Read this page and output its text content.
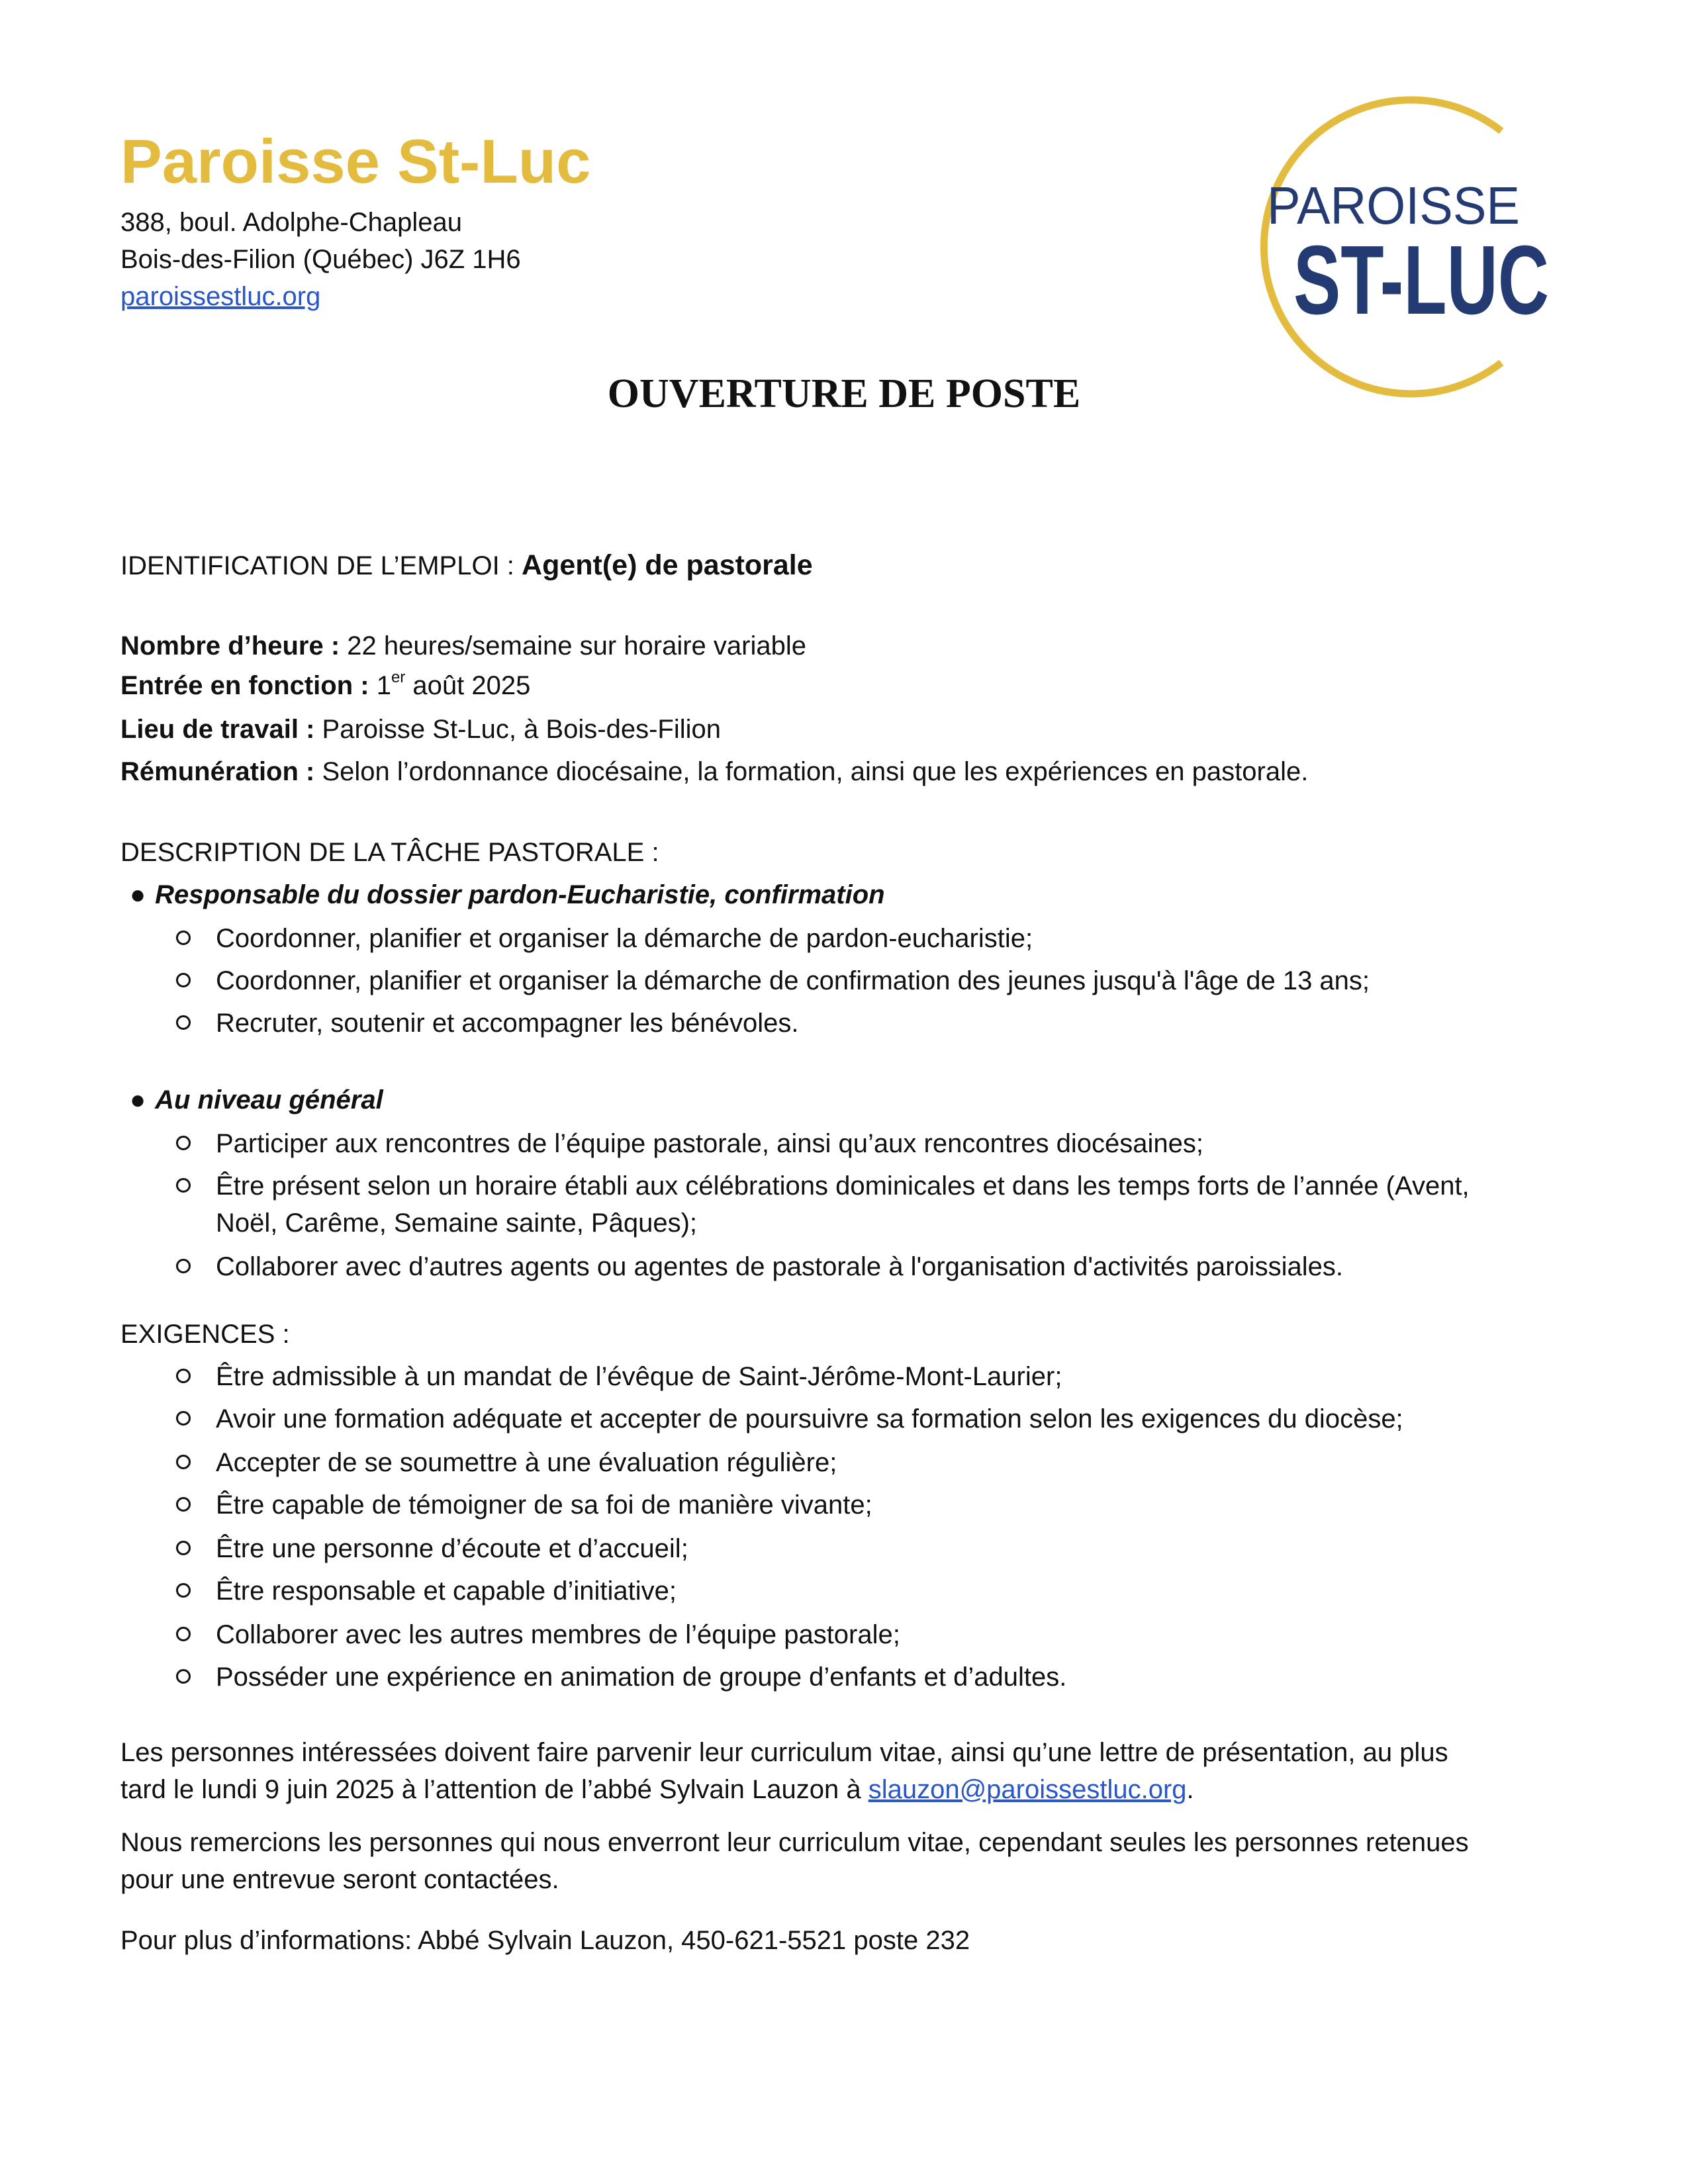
Paroisse St-Luc
388, boul. Adolphe-Chapleau
Bois-des-Filion (Québec) J6Z 1H6
paroissestluc.org
PAROISSE
ST-LUC
OUVERTURE DE POSTE
IDENTIFICATION DE L’EMPLOI : Agent(e) de pastorale
Nombre d’heure : 22 heures/semaine sur horaire variable
Entrée en fonction : 1er août 2025
Lieu de travail : Paroisse St-Luc, à Bois-des-Filion
Rémunération : Selon l’ordonnance diocésaine, la formation, ainsi que les expériences en pastorale.
DESCRIPTION DE LA TÂCHE PASTORALE :
● Responsable du dossier pardon-Eucharistie, confirmation
Coordonner, planifier et organiser la démarche de pardon-eucharistie;
Coordonner, planifier et organiser la démarche de confirmation des jeunes jusqu'à l'âge de 13 ans;
Recruter, soutenir et accompagner les bénévoles.
● Au niveau général
Participer aux rencontres de l’équipe pastorale, ainsi qu’aux rencontres diocésaines;
Être présent selon un horaire établi aux célébrations dominicales et dans les temps forts de l’année (Avent,
Noël, Carême, Semaine sainte, Pâques);
Collaborer avec d’autres agents ou agentes de pastorale à l'organisation d'activités paroissiales.
EXIGENCES :
Être admissible à un mandat de l’évêque de Saint-Jérôme-Mont-Laurier;
Avoir une formation adéquate et accepter de poursuivre sa formation selon les exigences du diocèse;
Accepter de se soumettre à une évaluation régulière;
Être capable de témoigner de sa foi de manière vivante;
Être une personne d’écoute et d’accueil;
Être responsable et capable d’initiative;
Collaborer avec les autres membres de l’équipe pastorale;
Posséder une expérience en animation de groupe d’enfants et d’adultes.
Les personnes intéressées doivent faire parvenir leur curriculum vitae, ainsi qu’une lettre de présentation, au plus
tard le lundi 9 juin 2025 à l’attention de l’abbé Sylvain Lauzon à slauzon@paroissestluc.org.
Nous remercions les personnes qui nous enverront leur curriculum vitae, cependant seules les personnes retenues
pour une entrevue seront contactées.
Pour plus d’informations: Abbé Sylvain Lauzon, 450-621-5521 poste 232
